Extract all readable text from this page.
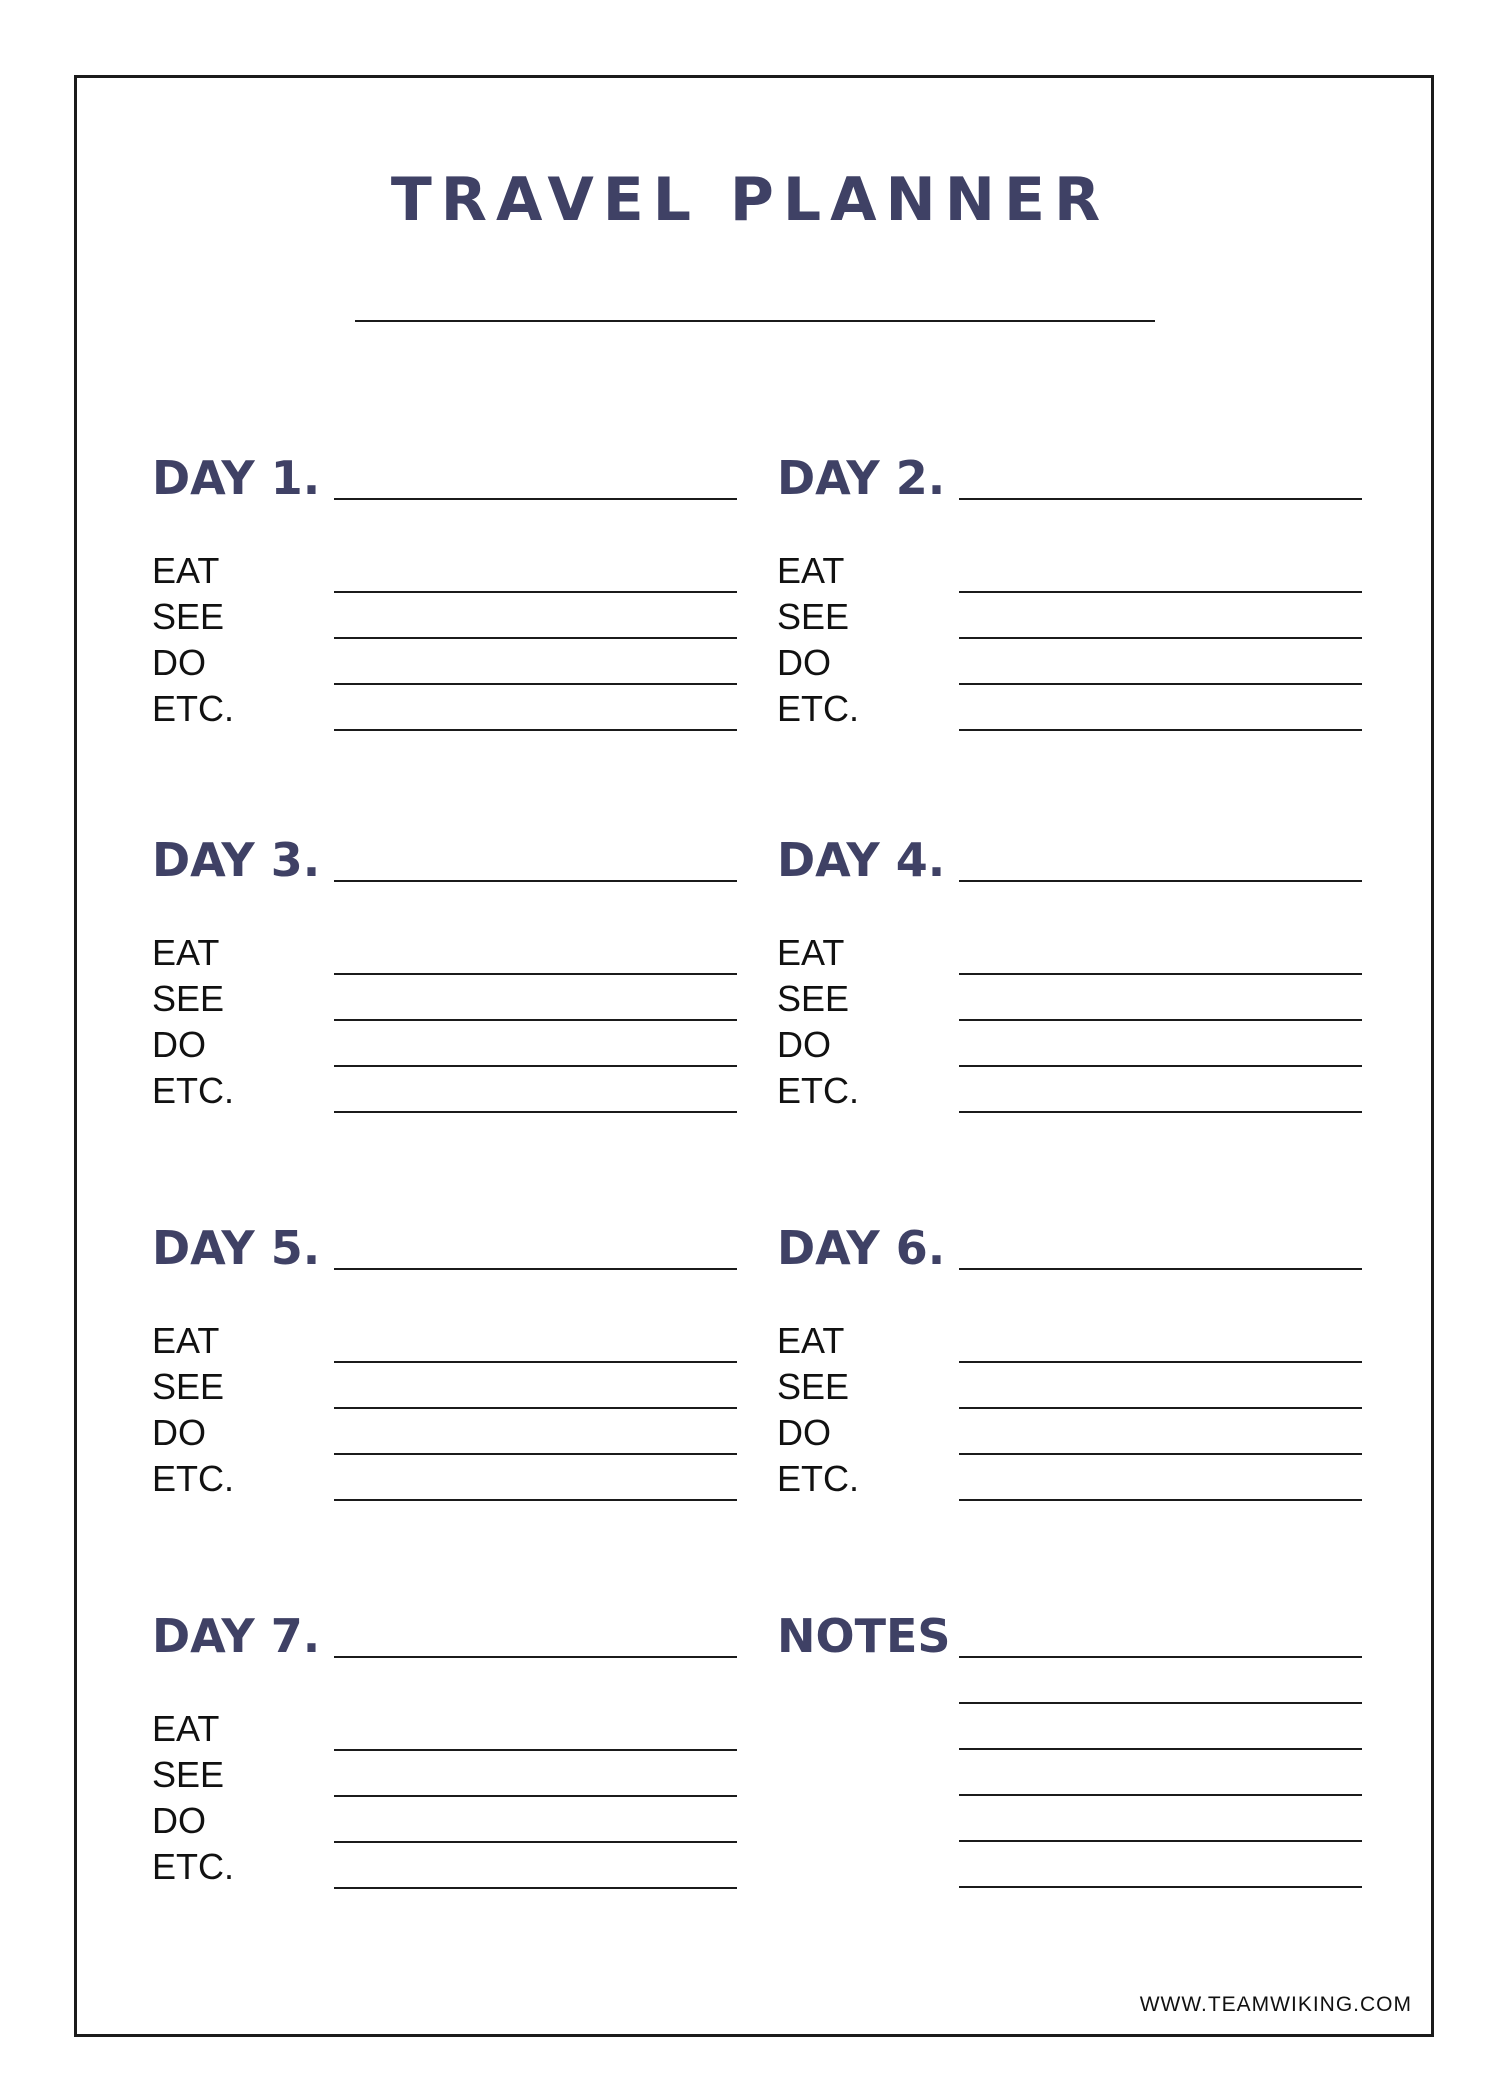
TRAVEL PLANNER
DAY 1.
EAT
SEE
DO
ETC.
DAY 2.
EAT
SEE
DO
ETC.
DAY 3.
EAT
SEE
DO
ETC.
DAY 4.
EAT
SEE
DO
ETC.
DAY 5.
EAT
SEE
DO
ETC.
DAY 6.
EAT
SEE
DO
ETC.
DAY 7.
EAT
SEE
DO
ETC.
NOTES
WWW.TEAMWIKING.COM
